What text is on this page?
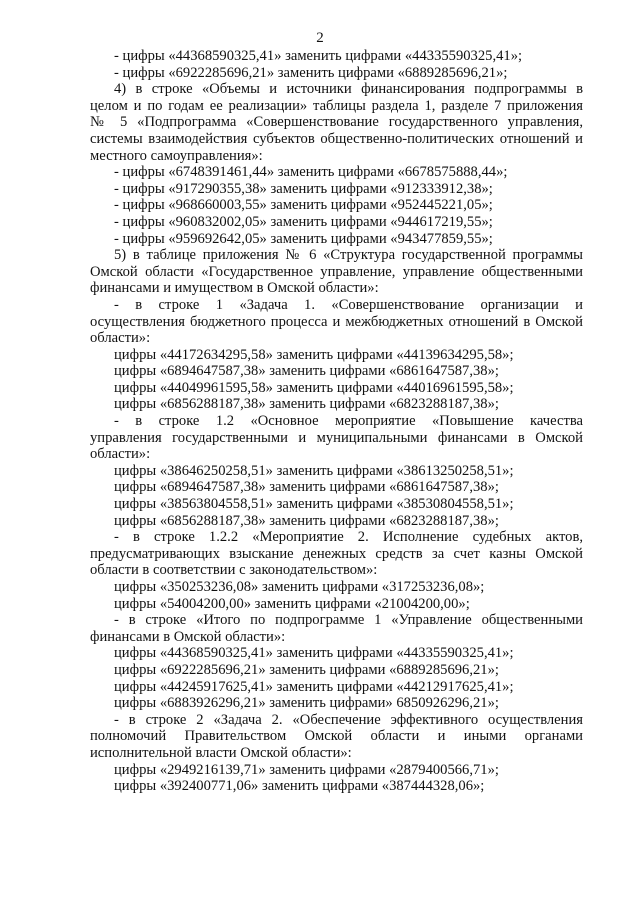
2
- цифры «44368590325,41» заменить цифрами «44335590325,41»;
- цифры «6922285696,21» заменить цифрами «6889285696,21»;
4) в строке «Объемы и источники финансирования подпрограммы в
целом и по годам ее реализации» таблицы раздела 1, разделе 7 приложения
№ 5 «Подпрограмма «Совершенствование государственного управления,
системы взаимодействия субъектов общественно-политических отношений и
местного самоуправления»:
- цифры «6748391461,44» заменить цифрами «6678575888,44»;
- цифры «917290355,38» заменить цифрами «912333912,38»;
- цифры «968660003,55» заменить цифрами «952445221,05»;
- цифры «960832002,05» заменить цифрами «944617219,55»;
- цифры «959692642,05» заменить цифрами «943477859,55»;
5) в таблице приложения № 6 «Структура государственной программы
Омской области «Государственное управление, управление общественными
финансами и имуществом в Омской области»:
- в строке 1 «Задача 1. «Совершенствование организации и
осуществления бюджетного процесса и межбюджетных отношений в Омской
области»:
цифры «44172634295,58» заменить цифрами «44139634295,58»;
цифры «6894647587,38» заменить цифрами «6861647587,38»;
цифры «44049961595,58» заменить цифрами «44016961595,58»;
цифры «6856288187,38» заменить цифрами «6823288187,38»;
- в строке 1.2 «Основное мероприятие «Повышение качества
управления государственными и муниципальными финансами в Омской
области»:
цифры «38646250258,51» заменить цифрами «38613250258,51»;
цифры «6894647587,38» заменить цифрами «6861647587,38»;
цифры «38563804558,51» заменить цифрами «38530804558,51»;
цифры «6856288187,38» заменить цифрами «6823288187,38»;
- в строке 1.2.2 «Мероприятие 2. Исполнение судебных актов,
предусматривающих взыскание денежных средств за счет казны Омской
области в соответствии с законодательством»:
цифры «350253236,08» заменить цифрами «317253236,08»;
цифры «54004200,00» заменить цифрами «21004200,00»;
- в строке «Итого по подпрограмме 1 «Управление общественными
финансами в Омской области»:
цифры «44368590325,41» заменить цифрами «44335590325,41»;
цифры «6922285696,21» заменить цифрами «6889285696,21»;
цифры «44245917625,41» заменить цифрами «44212917625,41»;
цифры «6883926296,21» заменить цифрами» 6850926296,21»;
- в строке 2 «Задача 2. «Обеспечение эффективного осуществления
полномочий Правительством Омской области и иными органами
исполнительной власти Омской области»:
цифры «2949216139,71» заменить цифрами «2879400566,71»;
цифры «392400771,06» заменить цифрами «387444328,06»;
